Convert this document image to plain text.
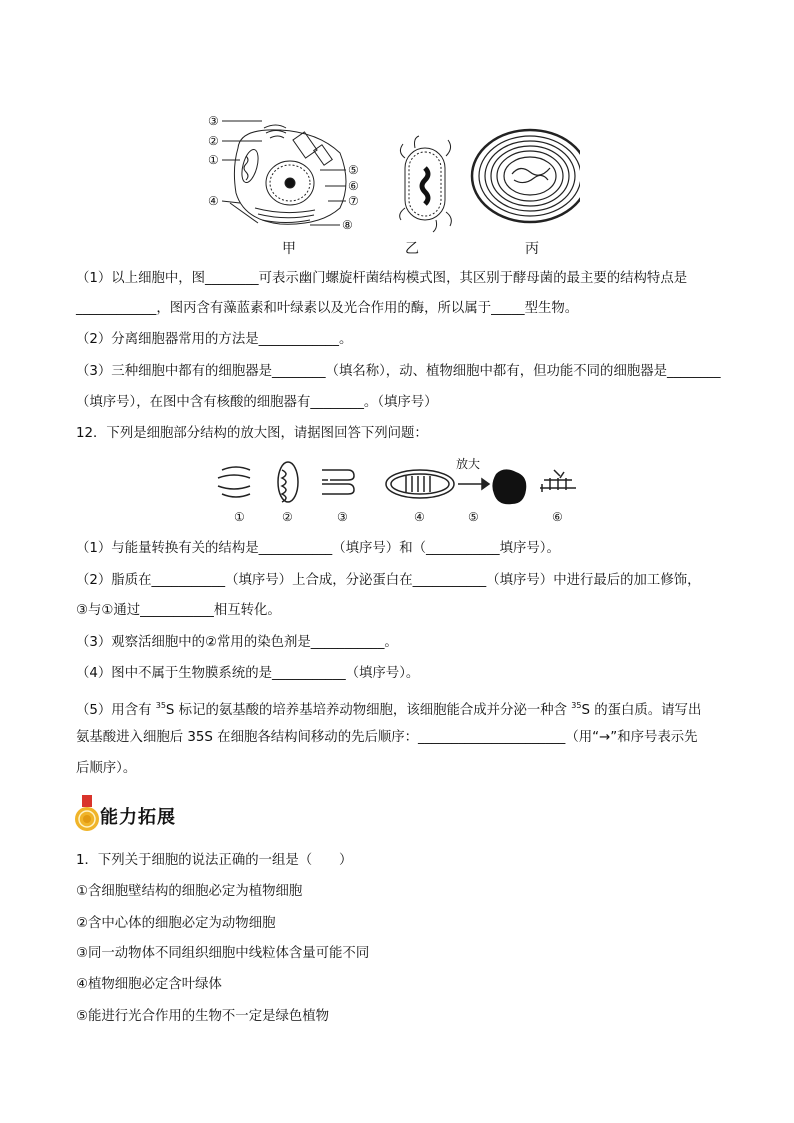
③
②
①
④
⑤
⑥
⑦
⑧
甲	乙	丙
（1）以上细胞中，图________可表示幽门螺旋杆菌结构模式图，其区别于酵母菌的最主要的结构特点是
____________，图丙含有藻蓝素和叶绿素以及光合作用的酶，所以属于_____型生物。
（2）分离细胞器常用的方法是____________。
（3）三种细胞中都有的细胞器是________（填名称），动、植物细胞中都有，但功能不同的细胞器是________
（填序号），在图中含有核酸的细胞器有________。（填序号）
12．下列是细胞部分结构的放大图，请据图回答下列问题：
放大
①	②	③	④	⑤	⑥
（1）与能量转换有关的结构是___________（填序号）和（___________填序号）。
（2）脂质在___________（填序号）上合成，分泌蛋白在___________（填序号）中进行最后的加工修饰，
③与①通过___________相互转化。
（3）观察活细胞中的②常用的染色剂是___________。
（4）图中不属于生物膜系统的是___________（填序号）。
（5）用含有 $^{35}$S 标记的氨基酸的培养基培养动物细胞，该细胞能合成并分泌一种含 $^{35}$S 的蛋白质。请写出
氨基酸进入细胞后 35S 在细胞各结构间移动的先后顺序：______________________（用“→”和序号表示先
后顺序）。
能力拓展
1．下列关于细胞的说法正确的一组是（　　）
①含细胞壁结构的细胞必定为植物细胞
②含中心体的细胞必定为动物细胞
③同一动物体不同组织细胞中线粒体含量可能不同
④植物细胞必定含叶绿体
⑤能进行光合作用的生物不一定是绿色植物
